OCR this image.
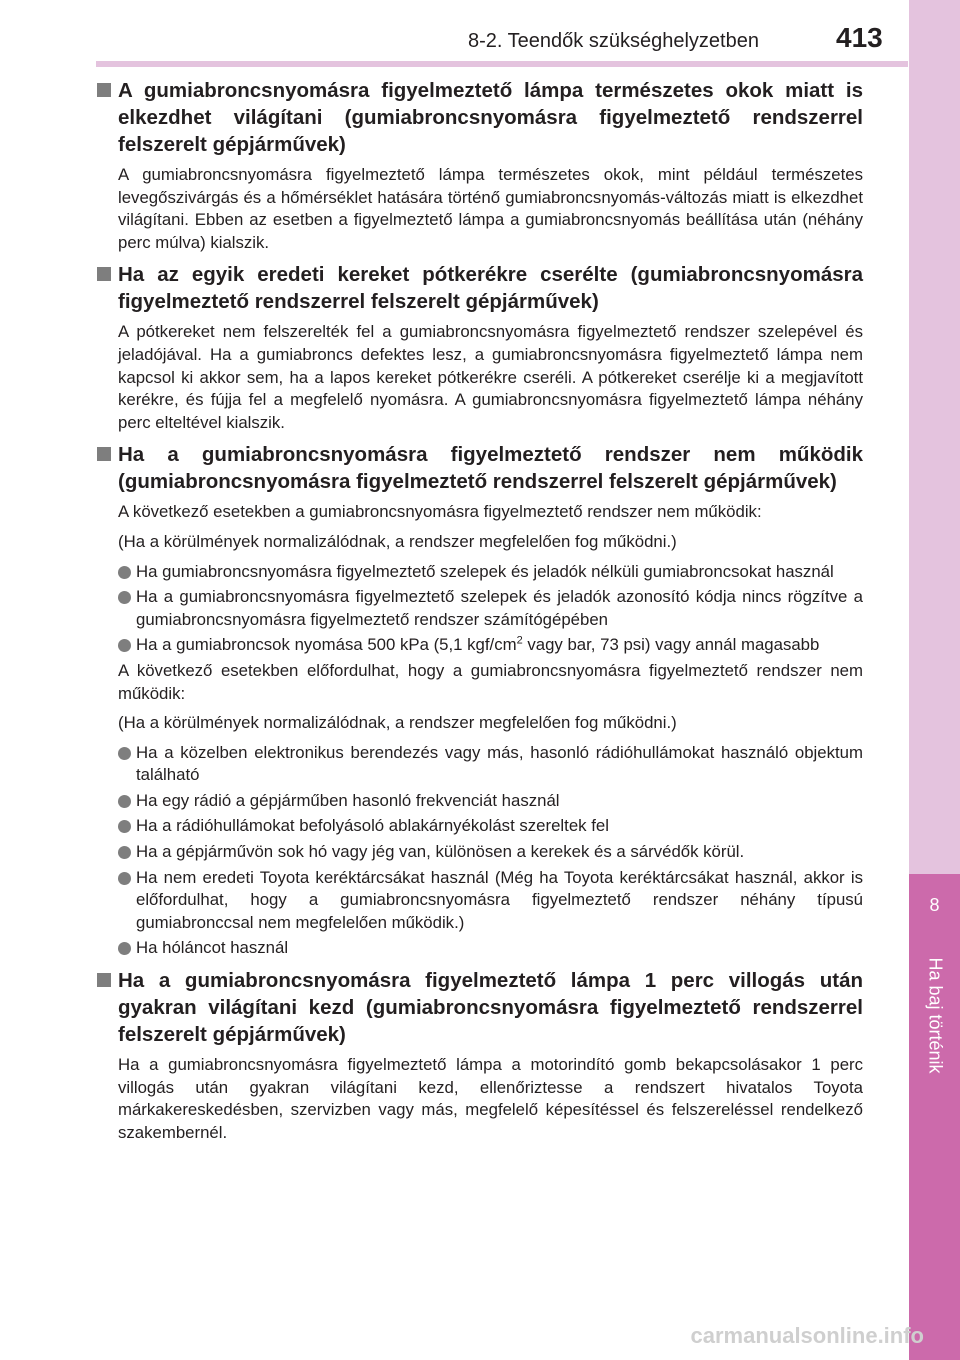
8-2. Teendők szükséghelyzetben	413
8
Ha baj történik
A gumiabroncsnyomásra figyelmeztető lámpa természetes okok miatt is elkezdhet világítani (gumiabroncsnyomásra figyelmeztető rendszerrel felszerelt gépjárművek)
A gumiabroncsnyomásra figyelmeztető lámpa természetes okok, mint például természetes levegőszivárgás és a hőmérséklet hatására történő gumiabroncsnyomás-változás miatt is elkezdhet világítani. Ebben az esetben a figyelmeztető lámpa a gumiabroncsnyomás beállítása után (néhány perc múlva) kialszik.
Ha az egyik eredeti kereket pótkerékre cserélte (gumiabroncsnyomásra figyelmeztető rendszerrel felszerelt gépjárművek)
A pótkereket nem felszerelték fel a gumiabroncsnyomásra figyelmeztető rendszer szelepével és jeladójával. Ha a gumiabroncs defektes lesz, a gumiabroncsnyomásra figyelmeztető lámpa nem kapcsol ki akkor sem, ha a lapos kereket pótkerékre cseréli. A pótkereket cserélje ki a megjavított kerékre, és fújja fel a megfelelő nyomásra. A gumiabroncsnyomásra figyelmeztető lámpa néhány perc elteltével kialszik.
Ha a gumiabroncsnyomásra figyelmeztető rendszer nem működik (gumiabroncsnyomásra figyelmeztető rendszerrel felszerelt gépjárművek)
A következő esetekben a gumiabroncsnyomásra figyelmeztető rendszer nem működik:
(Ha a körülmények normalizálódnak, a rendszer megfelelően fog működni.)
Ha gumiabroncsnyomásra figyelmeztető szelepek és jeladók nélküli gumiabroncsokat használ
Ha a gumiabroncsnyomásra figyelmeztető szelepek és jeladók azonosító kódja nincs rögzítve a gumiabroncsnyomásra figyelmeztető rendszer számítógépében
Ha a gumiabroncsok nyomása 500 kPa (5,1 kgf/$cm^2$ vagy bar, 73 psi) vagy annál magasabb
A következő esetekben előfordulhat, hogy a gumiabroncsnyomásra figyelmeztető rendszer nem működik:
(Ha a körülmények normalizálódnak, a rendszer megfelelően fog működni.)
Ha a közelben elektronikus berendezés vagy más, hasonló rádióhullámokat használó objektum található
Ha egy rádió a gépjárműben hasonló frekvenciát használ
Ha a rádióhullámokat befolyásoló ablakárnyékolást szereltek fel
Ha a gépjárművön sok hó vagy jég van, különösen a kerekek és a sárvédők körül.
Ha nem eredeti Toyota keréktárcsákat használ (Még ha Toyota keréktárcsákat használ, akkor is előfordulhat, hogy a gumiabroncsnyomásra figyelmeztető rendszer néhány típusú gumiabronccsal nem megfelelően működik.)
Ha hóláncot használ
Ha a gumiabroncsnyomásra figyelmeztető lámpa 1 perc villogás után gyakran világítani kezd (gumiabroncsnyomásra figyelmeztető rendszerrel felszerelt gépjárművek)
Ha a gumiabroncsnyomásra figyelmeztető lámpa a motorindító gomb bekapcsolásakor 1 perc villogás után gyakran világítani kezd, ellenőriztesse a rendszert hivatalos Toyota márkakereskedésben, szervizben vagy más, megfelelő képesítéssel és felszereléssel rendelkező szakembernél.
carmanualsonline.info
